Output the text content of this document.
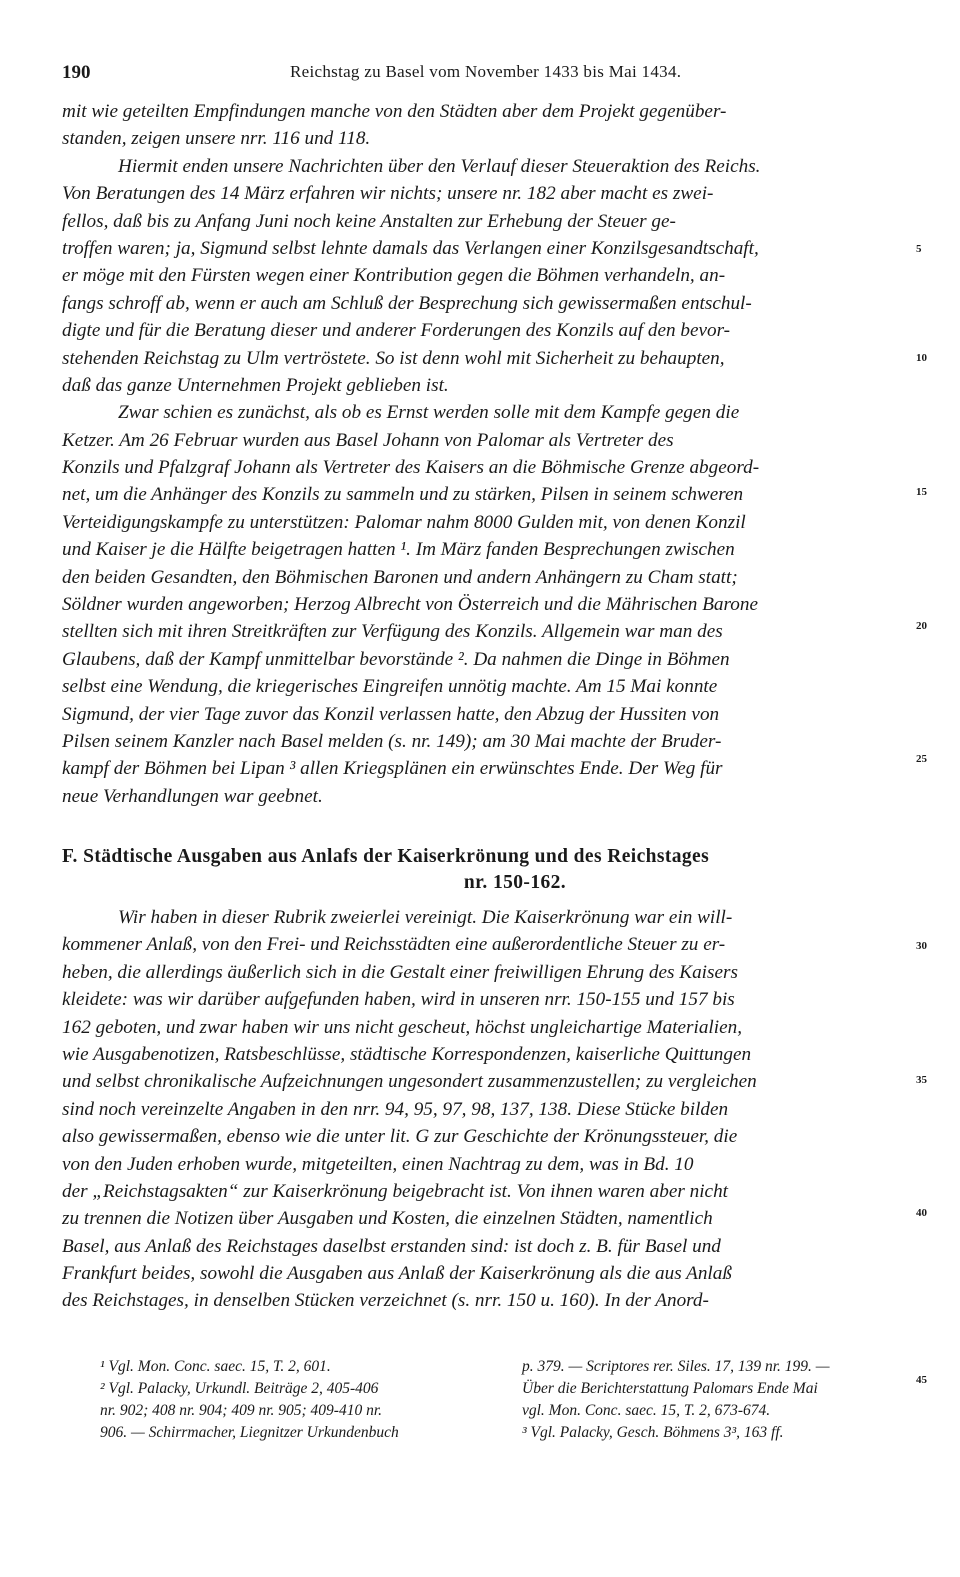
190	Reichstag zu Basel vom November 1433 bis Mai 1434.
mit wie geteilten Empfindungen manche von den Städten aber dem Projekt gegenüber-
standen, zeigen unsere nrr. 116 und 118.
Hiermit enden unsere Nachrichten über den Verlauf dieser Steueraktion des Reichs.
Von Beratungen des 14 März erfahren wir nichts; unsere nr. 182 aber macht es zwei-
fellos, daß bis zu Anfang Juni noch keine Anstalten zur Erhebung der Steuer ge-
troffen waren; ja, Sigmund selbst lehnte damals das Verlangen einer Konzilsgesandtschaft,
er möge mit den Fürsten wegen einer Kontribution gegen die Böhmen verhandeln, an-
fangs schroff ab, wenn er auch am Schluß der Besprechung sich gewissermaßen entschul-
digte und für die Beratung dieser und anderer Forderungen des Konzils auf den bevor-
stehenden Reichstag zu Ulm vertröstete. So ist denn wohl mit Sicherheit zu behaupten,
daß das ganze Unternehmen Projekt geblieben ist.
Zwar schien es zunächst, als ob es Ernst werden solle mit dem Kampfe gegen die
Ketzer. Am 26 Februar wurden aus Basel Johann von Palomar als Vertreter des
Konzils und Pfalzgraf Johann als Vertreter des Kaisers an die Böhmische Grenze abgeord-
net, um die Anhänger des Konzils zu sammeln und zu stärken, Pilsen in seinem schweren
Verteidigungskampfe zu unterstützen: Palomar nahm 8000 Gulden mit, von denen Konzil
und Kaiser je die Hälfte beigetragen hatten ¹. Im März fanden Besprechungen zwischen
den beiden Gesandten, den Böhmischen Baronen und andern Anhängern zu Cham statt;
Söldner wurden angeworben; Herzog Albrecht von Österreich und die Mährischen Barone
stellten sich mit ihren Streitkräften zur Verfügung des Konzils. Allgemein war man des
Glaubens, daß der Kampf unmittelbar bevorstände ². Da nahmen die Dinge in Böhmen
selbst eine Wendung, die kriegerisches Eingreifen unnötig machte. Am 15 Mai konnte
Sigmund, der vier Tage zuvor das Konzil verlassen hatte, den Abzug der Hussiten von
Pilsen seinem Kanzler nach Basel melden (s. nr. 149); am 30 Mai machte der Bruder-
kampf der Böhmen bei Lipan ³ allen Kriegsplänen ein erwünschtes Ende. Der Weg für
neue Verhandlungen war geebnet.
F. Städtische Ausgaben aus Anlafs der Kaiserkrönung und des Reichstages
nr. 150-162.
Wir haben in dieser Rubrik zweierlei vereinigt. Die Kaiserkrönung war ein will-
kommener Anlaß, von den Frei- und Reichsstädten eine außerordentliche Steuer zu er-
heben, die allerdings äußerlich sich in die Gestalt einer freiwilligen Ehrung des Kaisers
kleidete: was wir darüber aufgefunden haben, wird in unseren nrr. 150-155 und 157 bis
162 geboten, und zwar haben wir uns nicht gescheut, höchst ungleichartige Materialien,
wie Ausgabenotizen, Ratsbeschlüsse, städtische Korrespondenzen, kaiserliche Quittungen
und selbst chronikalische Aufzeichnungen ungesondert zusammenzustellen; zu vergleichen
sind noch vereinzelte Angaben in den nrr. 94, 95, 97, 98, 137, 138. Diese Stücke bilden
also gewissermaßen, ebenso wie die unter lit. G zur Geschichte der Krönungssteuer, die
von den Juden erhoben wurde, mitgeteilten, einen Nachtrag zu dem, was in Bd. 10
der „Reichstagsakten“ zur Kaiserkrönung beigebracht ist. Von ihnen waren aber nicht
zu trennen die Notizen über Ausgaben und Kosten, die einzelnen Städten, namentlich
Basel, aus Anlaß des Reichstages daselbst erstanden sind: ist doch z. B. für Basel und
Frankfurt beides, sowohl die Ausgaben aus Anlaß der Kaiserkrönung als die aus Anlaß
des Reichstages, in denselben Stücken verzeichnet (s. nrr. 150 u. 160). In der Anord-
5
10
15
20
25
30
35
40
45
¹ Vgl. Mon. Conc. saec. 15, T. 2, 601.
² Vgl. Palacky, Urkundl. Beiträge 2, 405-406
nr. 902; 408 nr. 904; 409 nr. 905; 409-410 nr.
906. — Schirrmacher, Liegnitzer Urkundenbuch
p. 379. — Scriptores rer. Siles. 17, 139 nr. 199. —
Über die Berichterstattung Palomars Ende Mai
vgl. Mon. Conc. saec. 15, T. 2, 673-674.
³ Vgl. Palacky, Gesch. Böhmens 3³, 163 ff.
